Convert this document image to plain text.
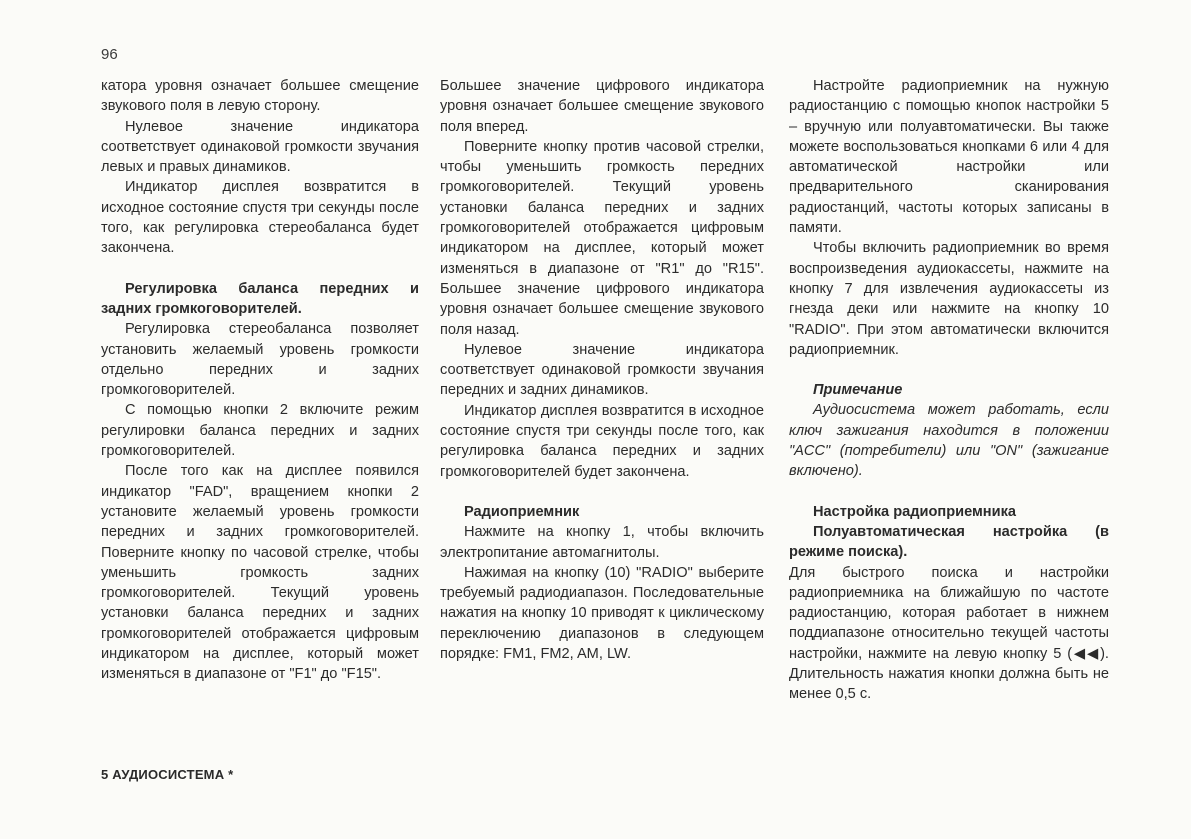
96

катора уровня означает большее смещение звукового поля в левую сторону.

Нулевое значение индикатора соответствует одинаковой громкости звучания левых и правых динамиков.

Индикатор дисплея возвратится в исходное состояние спустя три секунды после того, как регулировка стереобаланса будет закончена.

Регулировка баланса передних и задних громкоговорителей.

Регулировка стереобаланса позволяет установить желаемый уровень громкости отдельно передних и задних громкоговорителей.

С помощью кнопки 2 включите режим регулировки баланса передних и задних громкоговорителей.

После того как на дисплее появился индикатор "FAD", вращением кнопки 2 установите желаемый уровень громкости передних и задних громкоговорителей. Поверните кнопку по часовой стрелке, чтобы уменьшить громкость задних громкоговорителей. Текущий уровень установки баланса передних и задних громкоговорителей отображается цифровым индикатором на дисплее, который может изменяться в диапазоне от "F1" до "F15".

Большее значение цифрового индикатора уровня означает большее смещение звукового поля вперед.

Поверните кнопку против часовой стрелки, чтобы уменьшить громкость передних громкоговорителей. Текущий уровень установки баланса передних и задних громкоговорителей отображается цифровым индикатором на дисплее, который может изменяться в диапазоне от "R1" до "R15". Большее значение цифрового индикатора уровня означает большее смещение звукового поля назад.

Нулевое значение индикатора соответствует одинаковой громкости звучания передних и задних динамиков.

Индикатор дисплея возвратится в исходное состояние спустя три секунды после того, как регулировка баланса передних и задних громкоговорителей будет закончена.

Радиоприемник

Нажмите на кнопку 1, чтобы включить электропитание автомагнитолы.

Нажимая на кнопку (10) "RADIO" выберите требуемый радиодиапазон. Последовательные нажатия на кнопку 10 приводят к циклическому переключению диапазонов в следующем порядке: FM1, FM2, AM, LW.

Настройте радиоприемник на нужную радиостанцию с помощью кнопок настройки 5 – вручную или полуавтоматически. Вы также можете воспользоваться кнопками 6 или 4 для автоматической настройки или предварительного сканирования радиостанций, частоты которых записаны в памяти.

Чтобы включить радиоприемник во время воспроизведения аудиокассеты, нажмите на кнопку 7 для извлечения аудиокассеты из гнезда деки или нажмите на кнопку 10 "RADIO". При этом автоматически включится радиоприемник.

Примечание

Аудиосистема может работать, если ключ зажигания находится в положении "ACC" (потребители) или "ON" (зажигание включено).

Настройка радиоприемника
Полуавтоматическая настройка (в режиме поиска).

Для быстрого поиска и настройки радиоприемника на ближайшую по частоте радиостанцию, которая работает в нижнем поддиапазоне относительно текущей частоты настройки, нажмите на левую кнопку 5 (◀◀). Длительность нажатия кнопки должна быть не менее 0,5 с.

5 АУДИОСИСТЕМА *
